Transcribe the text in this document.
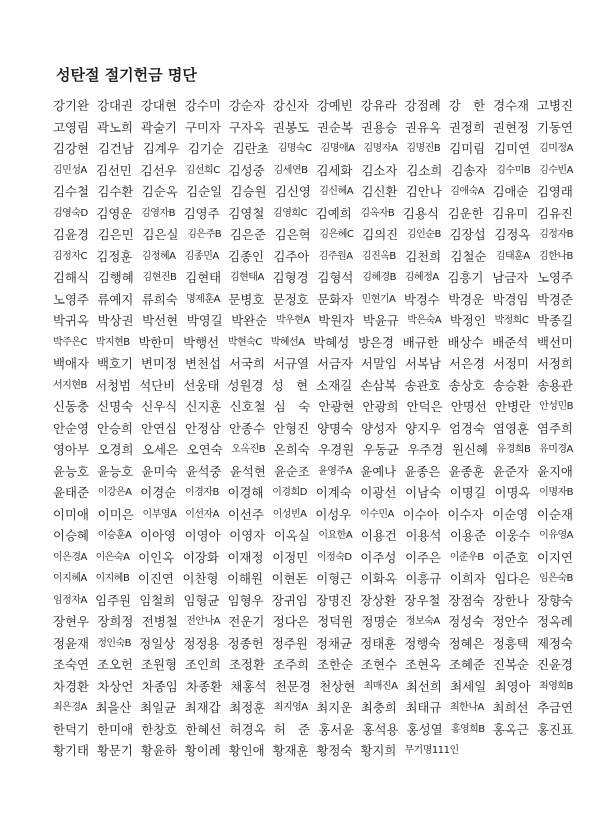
성탄절 절기헌금 명단
강기완 강대권 강대현 강수미 강순자 강신자 강예빈 강유라 강점례 강　한 경수재 고병진
고영림 곽노희 곽술기 구미자 구자옥 권봉도 권순복 권용승 권유옥 권정희 권현정 기동연
김강현 김건남 김계우 김기순 김란초 김명숙C 김명애A 김명자A 김명진B 김미림 김미연 김미정A
김민성A 김선민 김선우 김선희C 김성중 김세연B 김세화 김소자 김소희 김송자 김수미B 김수빈A
김수철 김수환 김순옥 김순일 김승원 김신영 김신혜A 김신환 김안나 김애숙A 김애순 김영래
김영숙D 김영운 김영자B 김영주 김영철 김영희C 김예희 김옥자B 김용식 김운한 김유미 김유진
김윤경 김은민 김은실 김은주B 김은준 김은혁 김은혜C 김의진 김인순B 김장섭 김정옥 김정자B
김정자C 김정훈 김정혜A 김종민A 김종인 김주아 김주원A 김진옥B 김천희 김철순 김태훈A 김한나B
김해식 김행혜 김현진B 김현태 김현태A 김형경 김형석 김혜경B 김혜정A 김흥기 남금자 노영주
노영주 류예지 류희숙 명제훈A 문병호 문정호 문화자 민현기A 박경수 박경운 박경임 박경준
박귀옥 박상권 박선현 박영길 박완순 박우현A 박원자 박윤규 박은숙A 박정인 박정희C 박종길
박주은C 박지현B 박한미 박행선 박현숙C 박혜선A 박혜성 방은경 배규한 배상수 배준석 백선미
백애자 백호기 변미정 변천섭 서국희 서규열 서금자 서말임 서복남 서은경 서정미 서정희
서지현B 서청범 석단비 선웅태 성원경 성　현 소재길 손삼복 송관호 송상호 송승환 송용관
신동충 신명숙 신우식 신지훈 신호철 심　숙 안광현 안광희 안덕은 안명선 안병란 안성민B
안순영 안승희 안연심 안정삼 안종수 안형진 양명숙 양성자 양지우 엄경숙 염영훈 염주희
영아부 오경희 오세은 오연숙 오옥진B 온희숙 우경원 우동균 우주경 원신혜 유경희B 유미경A
윤능호 윤능호 윤미숙 윤석중 윤석현 윤순조 윤영주A 윤예나 윤종은 윤종훈 윤준자 윤지애
윤태준 이강은A 이경순 이경자B 이경해 이경희D 이계숙 이광선 이남숙 이명길 이명옥 이명자B
이미애 이미은 이부영A 이선자A 이선주 이성빈A 이성우 이수민A 이수아 이수자 이순영 이순재
이승혜 이승훈A 이아영 이영아 이영자 이옥실 이요한A 이용건 이용석 이용준 이웅수 이유영A
이은경A 이은숙A 이인옥 이장화 이재정 이정민 이정숙D 이주성 이주은 이준우B 이준호 이지연
이지혜A 이지혜B 이진연 이찬형 이해원 이현돈 이형근 이화옥 이흥규 이희자 임다은 임은숙B
임정자A 임주원 임철희 임형균 임형우 장귀임 장명진 장상환 장우철 장점숙 장한나 장향숙
장현우 장희정 전병철 전안나A 전운기 정다은 정덕원 정명순 정보숙A 정성숙 정안수 정옥례
정윤재 정인숙B 정일상 정정용 정종헌 정주원 정채균 정태훈 정행숙 정혜은 정흥택 제정숙
조숙연 조오헌 조원형 조인희 조정환 조주희 조한순 조현수 조현옥 조혜준 진복순 진윤경
차경환 차상언 차종임 차종환 채홍석 천문경 천상현 최매진A 최선희 최세일 최영아 최영희B
최은경A 최을산 최일균 최재갑 최정훈 최지영A 최지운 최충희 최태규 최한나A 최희선 추금연
한덕기 한미애 한창호 한혜선 허경옥 허　준 홍서윤 홍석용 홍성열 홍영희B 홍옥근 홍진표
황기태 황문기 황윤하 황이례 황인애 황재훈 황정숙 황지희 무기명111인
